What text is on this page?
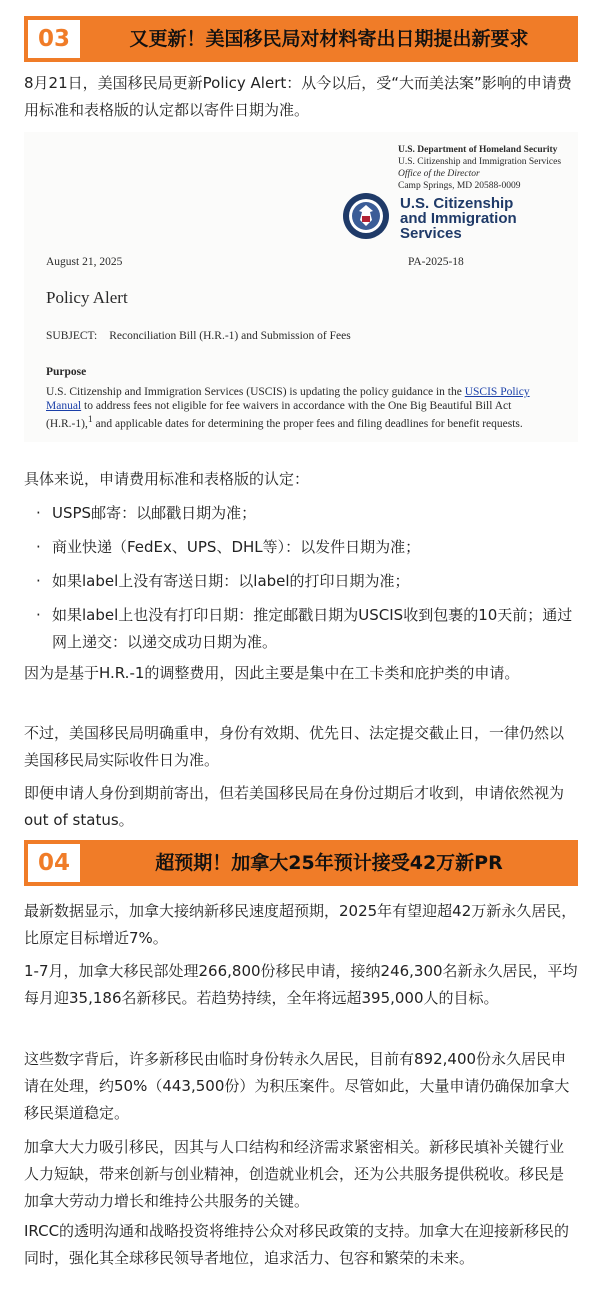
03	又更新！美国移民局对材料寄出日期提出新要求
8月21日，美国移民局更新Policy Alert：从今以后，受“大而美法案”影响的申请费用标准和表格版的认定都以寄件日期为准。
U.S. Department of Homeland Security
U.S. Citizenship and Immigration Services
Office of the Director
Camp Springs, MD 20588-0009
U.S. Citizenship
and Immigration
Services
August 21, 2025	PA-2025-18
Policy Alert
SUBJECT: Reconciliation Bill (H.R.-1) and Submission of Fees
Purpose
U.S. Citizenship and Immigration Services (USCIS) is updating the policy guidance in the USCIS Policy Manual to address fees not eligible for fee waivers in accordance with the One Big Beautiful Bill Act (H.R.-1),$^1$ and applicable dates for determining the proper fees and filing deadlines for benefit requests.
具体来说，申请费用标准和表格版的认定：
· USPS邮寄：以邮戳日期为准；
· 商业快递（FedEx、UPS、DHL等）：以发件日期为准；
· 如果label上没有寄送日期：以label的打印日期为准；
· 如果label上也没有打印日期：推定邮戳日期为USCIS收到包裹的10天前；通过网上递交：以递交成功日期为准。
因为是基于H.R.-1的调整费用，因此主要是集中在工卡类和庇护类的申请。
不过，美国移民局明确重申，身份有效期、优先日、法定提交截止日，一律仍然以美国移民局实际收件日为准。
即便申请人身份到期前寄出，但若美国移民局在身份过期后才收到，申请依然视为out of status。
04	超预期！加拿大25年预计接受42万新PR
最新数据显示，加拿大接纳新移民速度超预期，2025年有望迎超42万新永久居民，比原定目标增近7%。
1-7月，加拿大移民部处理266,800份移民申请，接纳246,300名新永久居民，平均每月迎35,186名新移民。若趋势持续，全年将远超395,000人的目标。
这些数字背后，许多新移民由临时身份转永久居民，目前有892,400份永久居民申请在处理，约50%（443,500份）为积压案件。尽管如此，大量申请仍确保加拿大移民渠道稳定。
加拿大大力吸引移民，因其与人口结构和经济需求紧密相关。新移民填补关键行业人力短缺，带来创新与创业精神，创造就业机会，还为公共服务提供税收。移民是加拿大劳动力增长和维持公共服务的关键。
IRCC的透明沟通和战略投资将维持公众对移民政策的支持。加拿大在迎接新移民的同时，强化其全球移民领导者地位，追求活力、包容和繁荣的未来。
